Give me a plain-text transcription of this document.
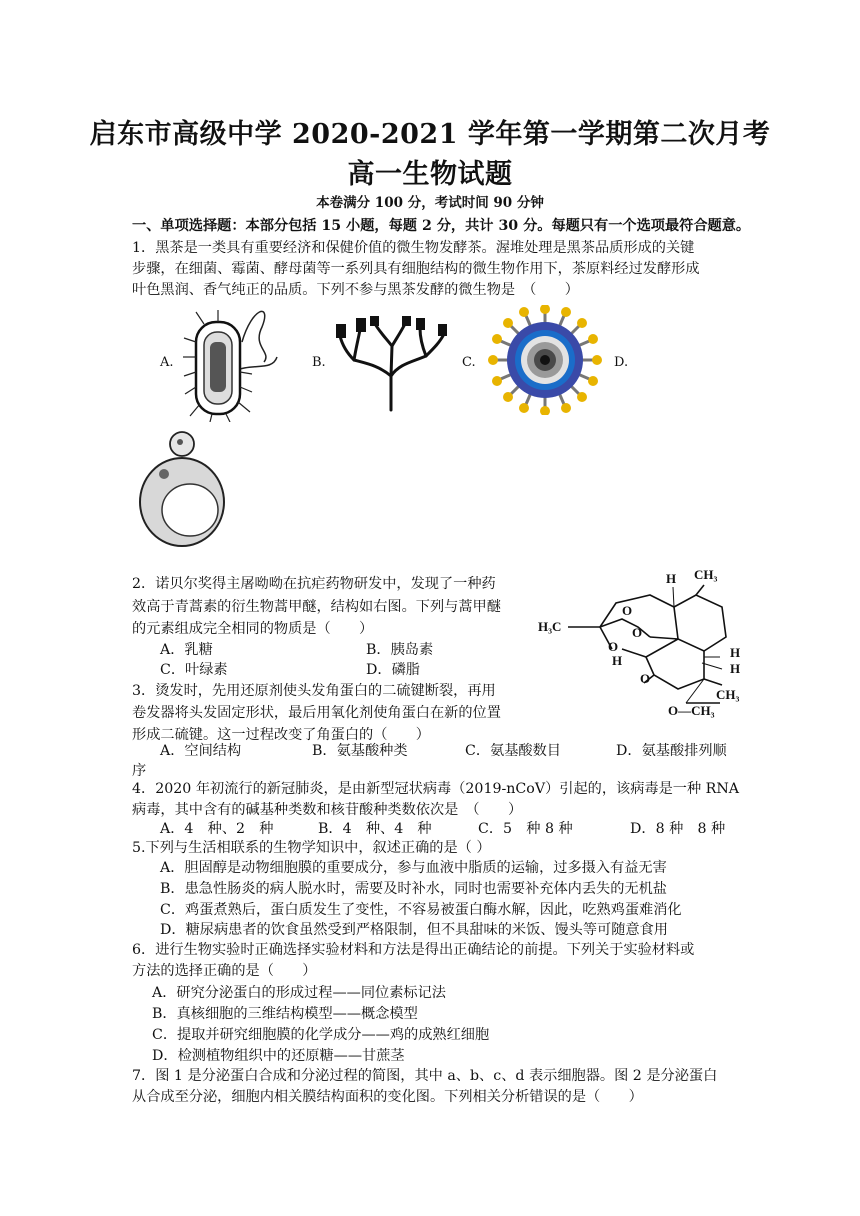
启东市高级中学 2020-2021 学年第一学期第二次月考
高一生物试题
本卷满分 100 分，考试时间 90 分钟
一、单项选择题：本部分包括 15 小题，每题 2 分，共计 30 分。每题只有一个选项最符合题意。
1．黑茶是一类具有重要经济和保健价值的微生物发酵茶。渥堆处理是黑茶品质形成的关键
步骤，在细菌、霉菌、酵母菌等一系列具有细胞结构的微生物作用下，茶原料经过发酵形成
叶色黑润、香气纯正的品质。下列不参与黑茶发酵的微生物是　（　　）
A.	B.	C.	D.
2．诺贝尔奖得主屠呦呦在抗疟药物研发中，发现了一种药
效高于青蒿素的衍生物蒿甲醚，结构如右图。下列与蒿甲醚
的元素组成完全相同的物质是（　　）
A．乳糖	B．胰岛素
C．叶绿素	D．磷脂
CH₃
H
H₃C
O
O
O
O
H
H
H
CH₃
O—CH₃
3．烫发时，先用还原剂使头发角蛋白的二硫键断裂，再用
卷发器将头发固定形状，最后用氧化剂使角蛋白在新的位置
形成二硫键。这一过程改变了角蛋白的（　　）
A．空间结构	B．氨基酸种类	C．氨基酸数目	D．氨基酸排列顺
序
4．2020 年初流行的新冠肺炎，是由新型冠状病毒（2019-nCoV）引起的，该病毒是一种 RNA
病毒，其中含有的碱基种类数和核苷酸种类数依次是　（　　）
A．4　种、2　种	B．4　种、4　种	C．5　种 8 种	D．8 种　8 种
5.下列与生活相联系的生物学知识中，叙述正确的是（ ）
A．胆固醇是动物细胞膜的重要成分，参与血液中脂质的运输，过多摄入有益无害
B．患急性肠炎的病人脱水时，需要及时补水，同时也需要补充体内丢失的无机盐
C．鸡蛋煮熟后，蛋白质发生了变性，不容易被蛋白酶水解，因此，吃熟鸡蛋难消化
D．糖尿病患者的饮食虽然受到严格限制，但不具甜味的米饭、馒头等可随意食用
6．进行生物实验时正确选择实验材料和方法是得出正确结论的前提。下列关于实验材料或
方法的选择正确的是（　　）
A．研究分泌蛋白的形成过程——同位素标记法
B．真核细胞的三维结构模型——概念模型
C．提取并研究细胞膜的化学成分——鸡的成熟红细胞
D．检测植物组织中的还原糖——甘蔗茎
7．图 1 是分泌蛋白合成和分泌过程的简图，其中 a、b、c、d 表示细胞器。图 2 是分泌蛋白
从合成至分泌，细胞内相关膜结构面积的变化图。下列相关分析错误的是（　　）
